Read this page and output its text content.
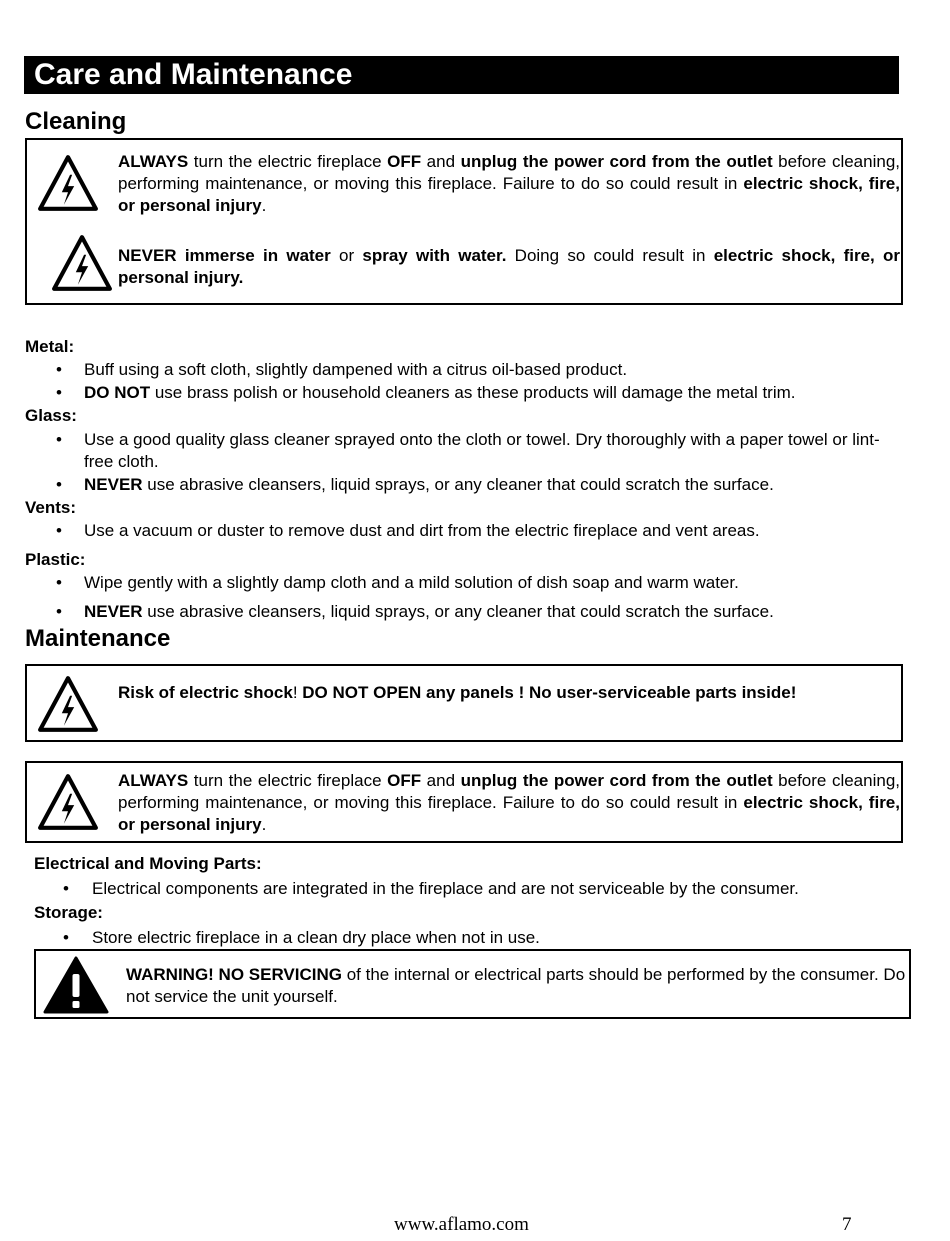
Care and Maintenance
Cleaning
ALWAYS turn the electric fireplace OFF and unplug the power cord from the outlet before cleaning, performing maintenance, or moving this fireplace. Failure to do so could result in electric shock, fire, or personal injury.
NEVER immerse in water or spray with water. Doing so could result in electric shock, fire, or personal injury.
Metal:
• Buff using a soft cloth, slightly dampened with a citrus oil-based product.
• DO NOT use brass polish or household cleaners as these products will damage the metal trim.
Glass:
• Use a good quality glass cleaner sprayed onto the cloth or towel. Dry thoroughly with a paper towel or lint-free cloth.
• NEVER use abrasive cleansers, liquid sprays, or any cleaner that could scratch the surface.
Vents:
• Use a vacuum or duster to remove dust and dirt from the electric fireplace and vent areas.
Plastic:
• Wipe gently with a slightly damp cloth and a mild solution of dish soap and warm water.
• NEVER use abrasive cleansers, liquid sprays, or any cleaner that could scratch the surface.
Maintenance
Risk of electric shock! DO NOT OPEN any panels ! No user-serviceable parts inside!
ALWAYS turn the electric fireplace OFF and unplug the power cord from the outlet before cleaning, performing maintenance, or moving this fireplace. Failure to do so could result in electric shock, fire, or personal injury.
Electrical and Moving Parts:
• Electrical components are integrated in the fireplace and are not serviceable by the consumer.
Storage:
• Store electric fireplace in a clean dry place when not in use.
WARNING! NO SERVICING of the internal or electrical parts should be performed by the consumer. Do not service the unit yourself.
www.aflamo.com	7
